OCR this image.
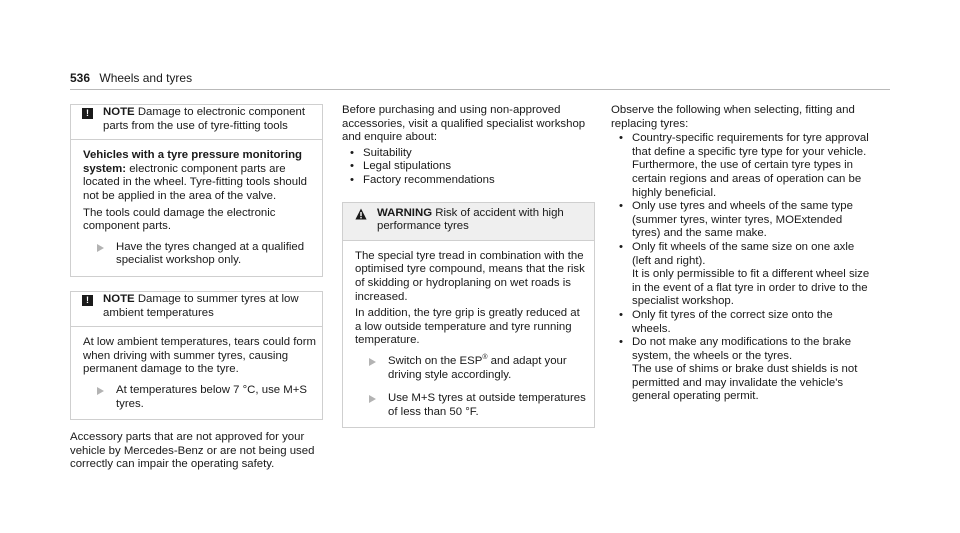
536 Wheels and tyres
!	NOTE Damage to electronic component parts from the use of tyre-fitting tools

Vehicles with a tyre pressure monitoring system: electronic component parts are located in the wheel. Tyre-fitting tools should not be applied in the area of the valve.

The tools could damage the electronic component parts.

Have the tyres changed at a qualified specialist workshop only.
!	NOTE Damage to summer tyres at low ambient temperatures

At low ambient temperatures, tears could form when driving with summer tyres, causing permanent damage to the tyre.

At temperatures below 7 °C, use M+S tyres.

Accessory parts that are not approved for your vehicle by Mercedes-Benz or are not being used correctly can impair the operating safety.

Before purchasing and using non-approved accessories, visit a qualified specialist workshop and enquire about:

• Suitability
• Legal stipulations
• Factory recommendations
WARNING Risk of accident with high performance tyres

The special tyre tread in combination with the optimised tyre compound, means that the risk of skidding or hydroplaning on wet roads is increased.

In addition, the tyre grip is greatly reduced at a low outside temperature and tyre running temperature.

Switch on the ESP® and adapt your driving style accordingly.
Use M+S tyres at outside temperatures of less than 50 °F.

Observe the following when selecting, fitting and replacing tyres:

• Country-specific requirements for tyre approval that define a specific tyre type for your vehicle.

Furthermore, the use of certain tyre types in certain regions and areas of operation can be highly beneficial.

• Only use tyres and wheels of the same type (summer tyres, winter tyres, MOExtended tyres) and the same make.

• Only fit wheels of the same size on one axle (left and right).

It is only permissible to fit a different wheel size in the event of a flat tyre in order to drive to the specialist workshop.

• Only fit tyres of the correct size onto the wheels.

• Do not make any modifications to the brake system, the wheels or the tyres.

The use of shims or brake dust shields is not permitted and may invalidate the vehicle's general operating permit.
